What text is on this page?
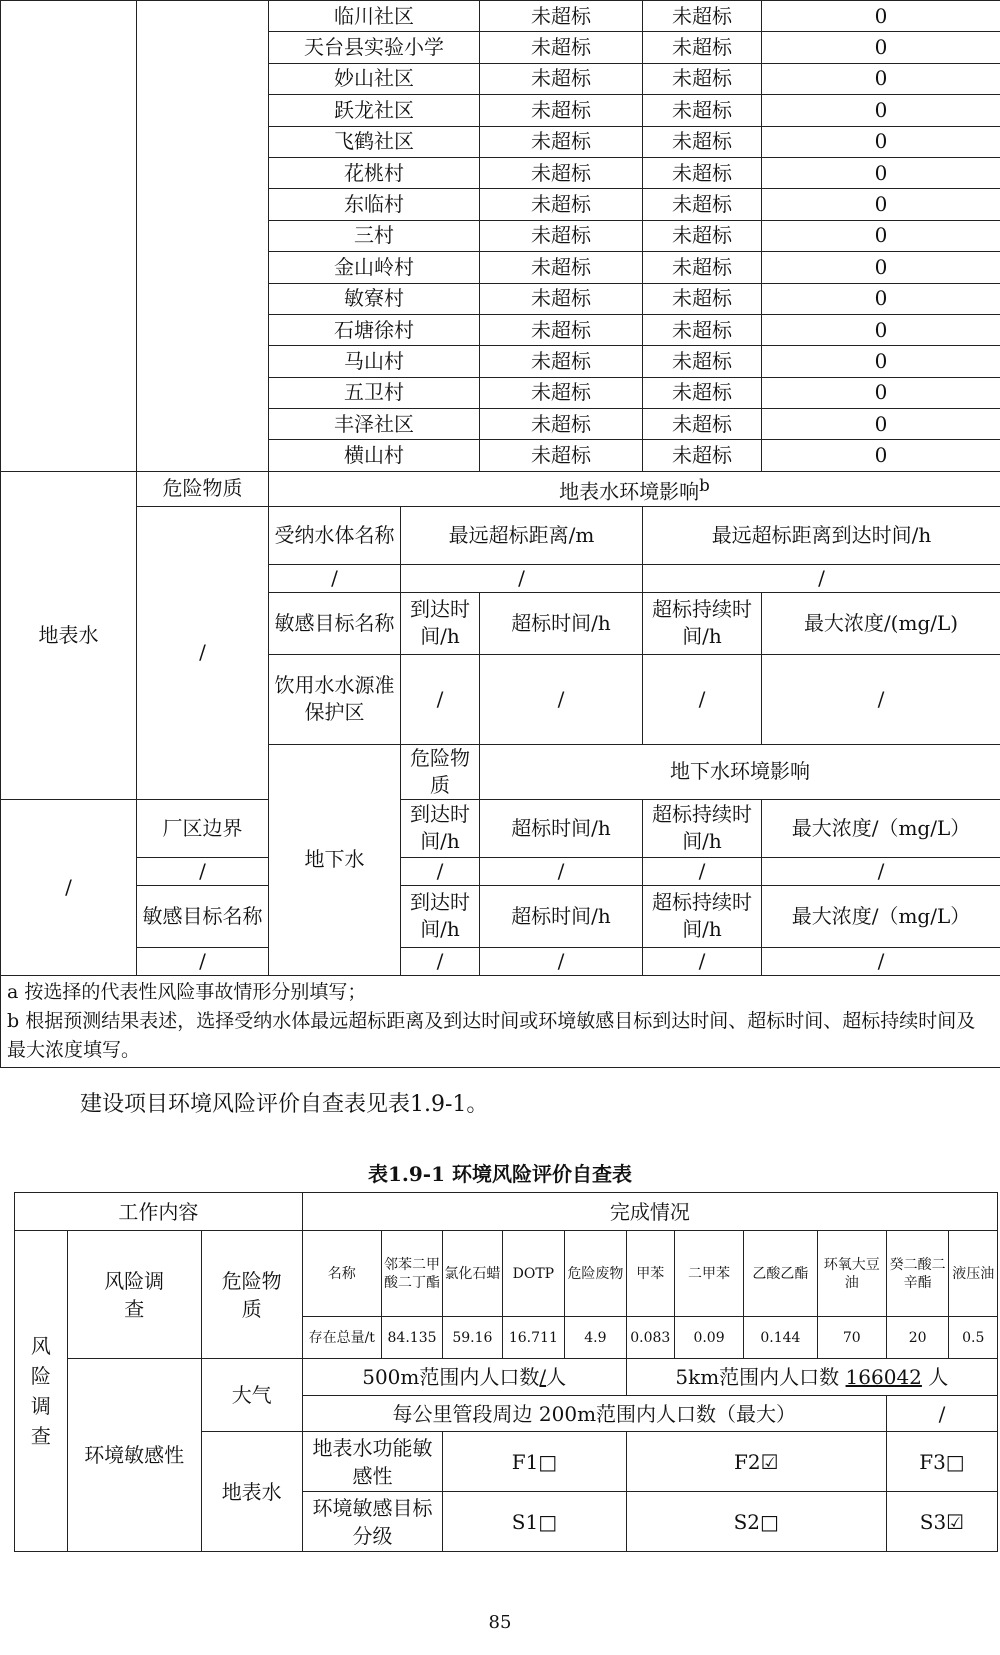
		临川社区		未超标	未超标	0
		天台县实验小学		未超标	未超标	0
		妙山社区		未超标	未超标	0
		跃龙社区		未超标	未超标	0
		飞鹤社区		未超标	未超标	0
		花桃村		未超标	未超标	0
		东临村		未超标	未超标	0
		三村		未超标	未超标	0
		金山岭村		未超标	未超标	0
		敏寮村		未超标	未超标	0
		石塘徐村		未超标	未超标	0
		马山村		未超标	未超标	0
		五卫村		未超标	未超标	0
		丰泽社区		未超标	未超标	0
		横山村		未超标	未超标	0
地表水	危险物质	地表水环境影响$^b$
	/	受纳水体名称	最远超标距离/m		最远超标距离到达时间/h	
		/	/		/	
		敏感目标名称	到达时间/h	超标时间/h	超标持续时间/h	最大浓度/(mg/L)
		饮用水水源准保护区	/	/	/	/
		地下水	危险物质	地下水环境影响		
/	厂区边界		到达时间/h	超标时间/h	超标持续时间/h	最大浓度/（mg/L）
	/		/	/	/	/
	敏感目标名称		到达时间/h	超标时间/h	超标持续时间/h	最大浓度/（mg/L）
	/		/	/	/	/

a 按选择的代表性风险事故情形分别填写；
b 根据预测结果表述，选择受纳水体最远超标距离及到达时间或环境敏感目标到达时间、超标时间、超标持续时间及最大浓度填写。						
建设项目环境风险评价自查表见表1.9-1。
表1.9-1 环境风险评价自查表
工作内容			完成情况										
风
险
调
查	风险调查	危险物质	名称	邻苯二甲酸二丁酯	氯化石蜡	DOTP	危险废物	甲苯	二甲苯	乙酸乙酯	环氧大豆油	癸二酸二辛酯	液压油
			存在总量/t	84.135	59.16	16.711	4.9	0.083	0.09	0.144	70	20	0.5
	环境敏感性	大气	500m范围内人口数/人					5km范围内人口数 166042 人					
			每公里管段周边 200m范围内人口数（最大）									/	
		地表水	地表水功能敏感性		F1□			F2☑				F3□	
			环境敏感目标分级		S1□			S2□				S3☑	
85
